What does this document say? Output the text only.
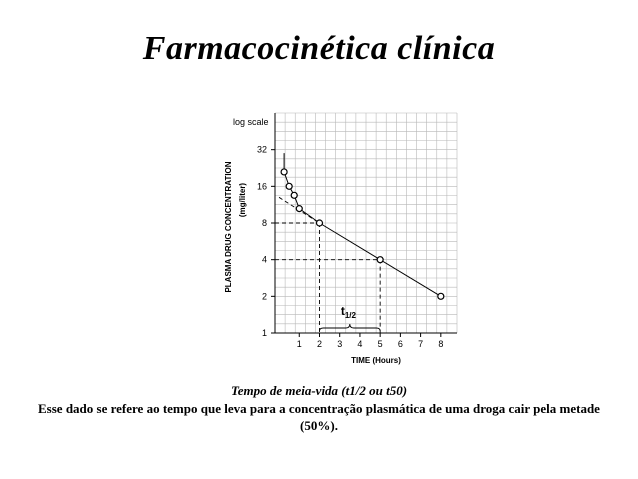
Farmacocinética clínica
log scale
1
2
4
8
16
32
1 2 3 4 5 6 7 8
$t_{1/2}$
TIME (Hours)
PLASMA DRUG CONCENTRATION (mg/liter)
Tempo de meia-vida (t1/2 ou t50)
Esse dado se refere ao tempo que leva para a concentração plasmática de uma droga cair pela metade (50%).
